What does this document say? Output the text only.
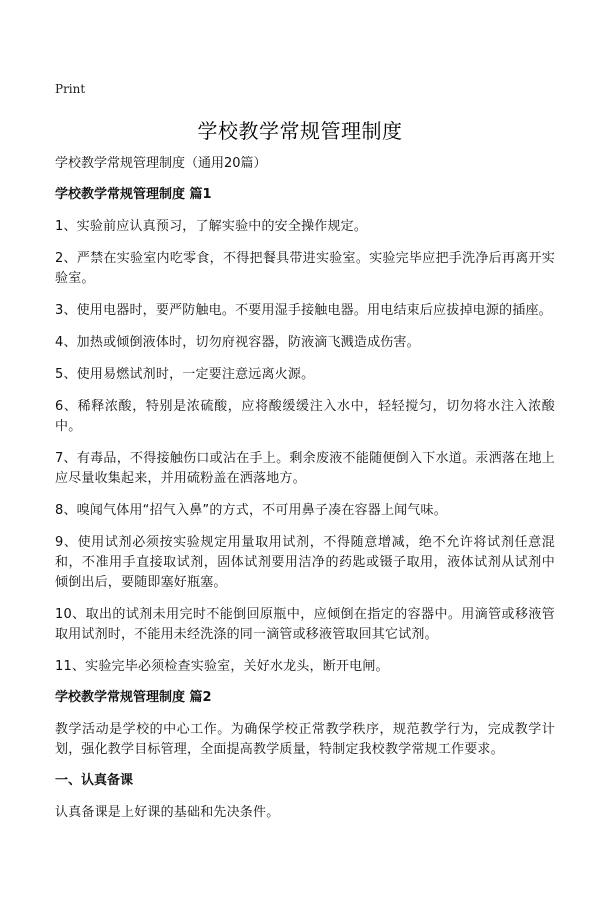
Print
学校教学常规管理制度

学校教学常规管理制度（通用20篇）

学校教学常规管理制度 篇1

1、实验前应认真预习，了解实验中的安全操作规定。

2、严禁在实验室内吃零食，不得把餐具带进实验室。实验完毕应把手洗净后再离开实验室。

3、使用电器时，要严防触电。不要用湿手接触电器。用电结束后应拔掉电源的插座。

4、加热或倾倒液体时，切勿府视容器，防液滴飞溅造成伤害。

5、使用易燃试剂时，一定要注意远离火源。

6、稀释浓酸，特别是浓硫酸，应将酸缓缓注入水中，轻轻搅匀，切勿将水注入浓酸中。

7、有毒品，不得接触伤口或沾在手上。剩余废液不能随便倒入下水道。汞洒落在地上应尽量收集起来，并用硫粉盖在洒落地方。

8、嗅闻气体用“招气入鼻”的方式，不可用鼻子凑在容器上闻气味。

9、使用试剂必须按实验规定用量取用试剂，不得随意增减，绝不允许将试剂任意混和，不准用手直接取试剂，固体试剂要用洁净的药匙或镊子取用，液体试剂从试剂中倾倒出后，要随即塞好瓶塞。

10、取出的试剂未用完时不能倒回原瓶中，应倾倒在指定的容器中。用滴管或移液管取用试剂时，不能用未经洗涤的同一滴管或移液管取回其它试剂。

11、实验完毕必须检查实验室，关好水龙头，断开电闸。

学校教学常规管理制度 篇2

教学活动是学校的中心工作。为确保学校正常教学秩序，规范教学行为，完成教学计划，强化教学目标管理，全面提高教学质量，特制定我校教学常规工作要求。

一、认真备课

认真备课是上好课的基础和先决条件。
